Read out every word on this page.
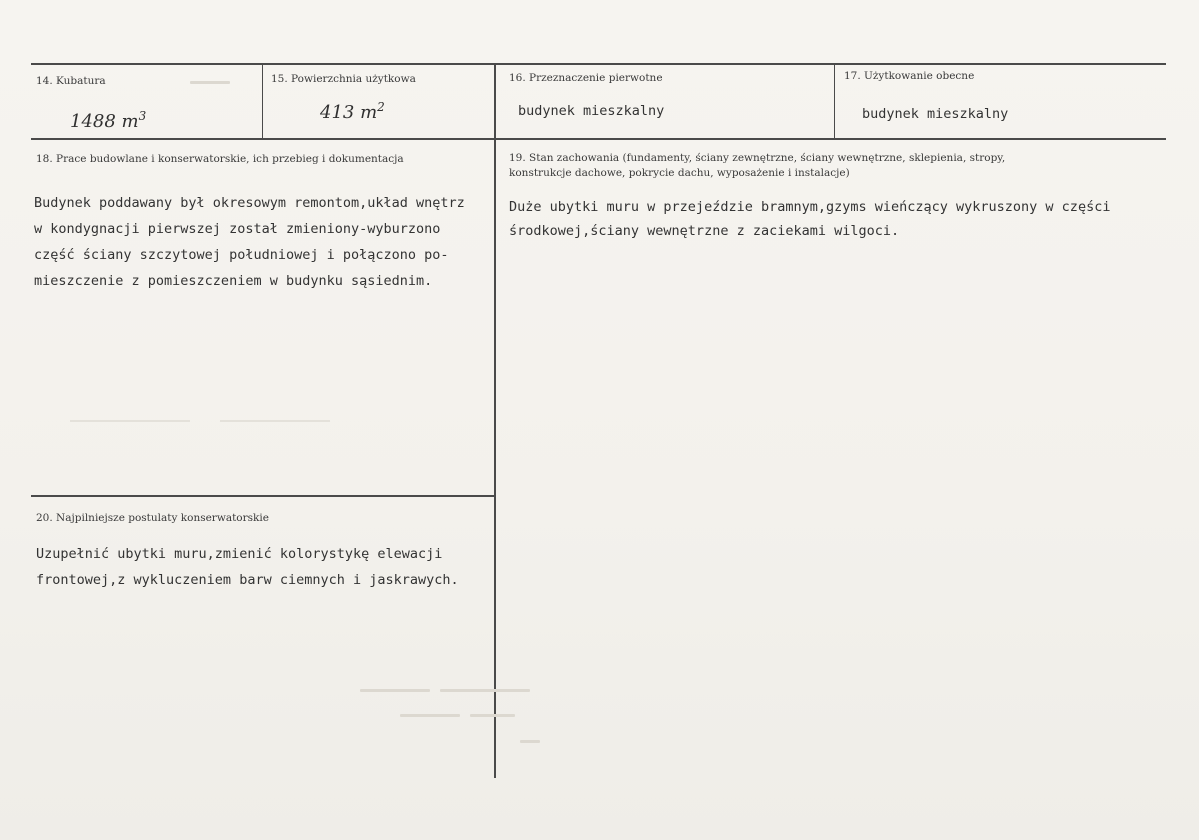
14. Kubatura
1488 $m^3$
15. Powierzchnia użytkowa
413 $m^2$
16. Przeznaczenie pierwotne
budynek mieszkalny
17. Użytkowanie obecne
budynek mieszkalny
18. Prace budowlane i konserwatorskie, ich przebieg i dokumentacja
Budynek poddawany był okresowym remontom,układ wnętrz
w kondygnacji pierwszej został zmieniony-wyburzono
część ściany szczytowej południowej i połączono po-
mieszczenie z pomieszczeniem w budynku sąsiednim.
19. Stan zachowania (fundamenty, ściany zewnętrzne, ściany wewnętrzne, sklepienia, stropy,
konstrukcje dachowe, pokrycie dachu, wyposażenie i instalacje)
Duże ubytki muru w przejeździe bramnym,gzyms wieńczący wykruszony w części
środkowej,ściany wewnętrzne z zaciekami wilgoci.
20. Najpilniejsze postulaty konserwatorskie
Uzupełnić ubytki muru,zmienić kolorystykę elewacji
frontowej,z wykluczeniem barw ciemnych i jaskrawych.
